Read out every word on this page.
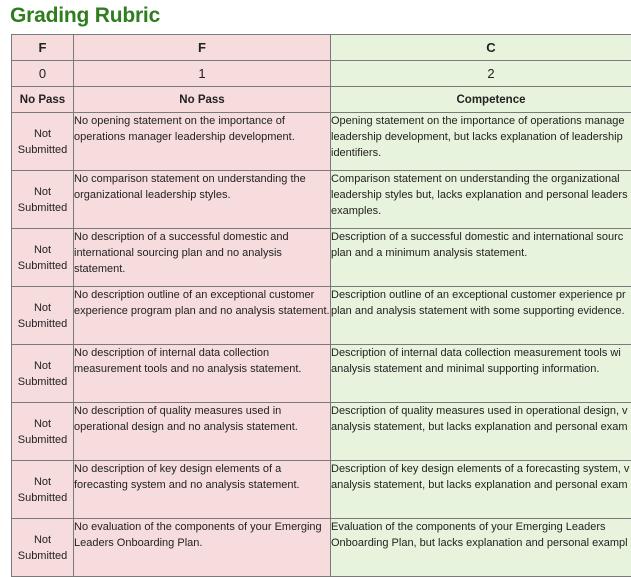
Grading Rubric
F	F	C
0	1	2
No Pass	No Pass	Competence
Not Submitted	No opening statement on the importance of operations manager leadership development.	Opening statement on the importance of operations manage
leadership development, but lacks explanation of leadership
identifiers.

Not Submitted	No comparison statement on understanding the organizational leadership styles.	Comparison statement on understanding the organizational
leadership styles but, lacks explanation and personal leaders
examples.

Not Submitted	No description of a successful domestic and international sourcing plan and no analysis statement.	Description of a successful domestic and international sourc
plan and a minimum analysis statement.

Not Submitted	No description outline of an exceptional customer experience program plan and no analysis statement.	Description outline of an exceptional customer experience pr
plan and analysis statement with some supporting evidence.

Not Submitted	No description of internal data collection measurement tools and no analysis statement.	Description of internal data collection measurement tools wi
analysis statement and minimal supporting information.

Not Submitted	No description of quality measures used in operational design and no analysis statement.	Description of quality measures used in operational design, v
analysis statement, but lacks explanation and personal exam

Not Submitted	No description of key design elements of a forecasting system and no analysis statement.	Description of key design elements of a forecasting system, v
analysis statement, but lacks explanation and personal exam

Not Submitted	No evaluation of the components of your Emerging Leaders Onboarding Plan.	Evaluation of the components of your Emerging Leaders
Onboarding Plan, but lacks explanation and personal exampl
